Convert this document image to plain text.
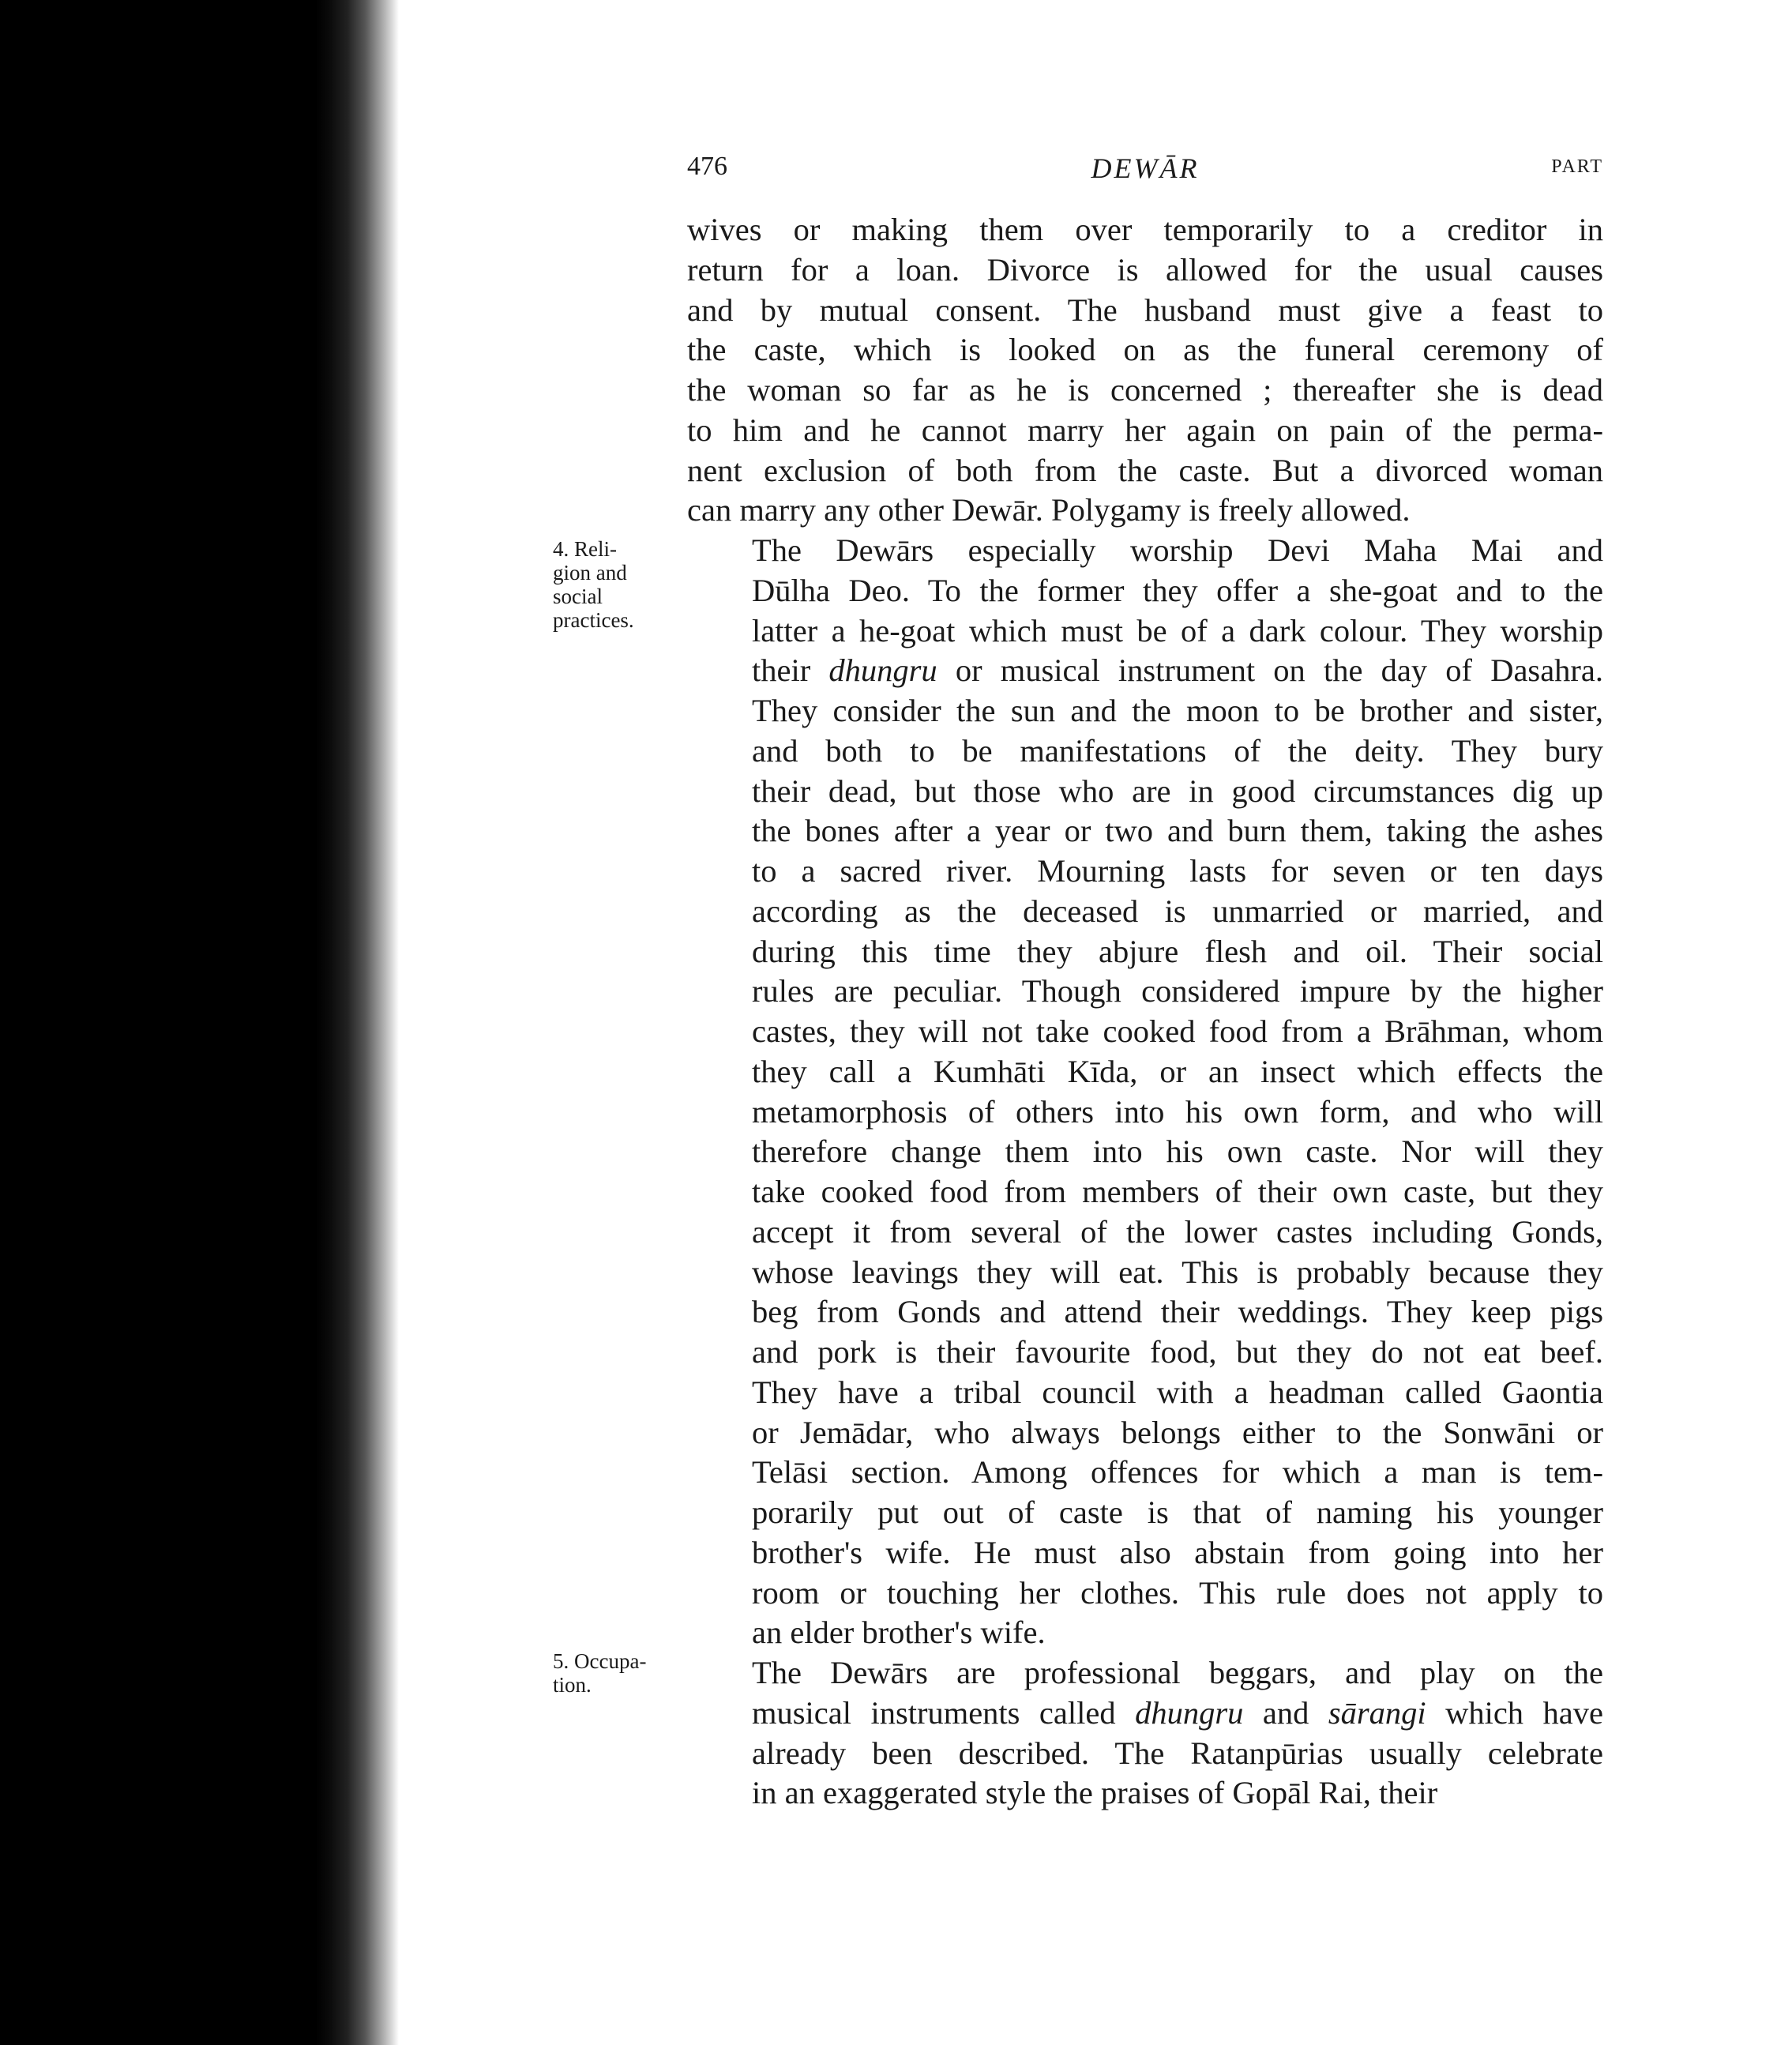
476	DEWĀR	PART
4. Reli-
gion and
social
practices.
5. Occupa-
tion.

wives or making them over temporarily to a creditor in
return for a loan. Divorce is allowed for the usual causes
and by mutual consent. The husband must give a feast to
the caste, which is looked on as the funeral ceremony of
the woman so far as he is concerned ; thereafter she is dead
to him and he cannot marry her again on pain of the perma-
nent exclusion of both from the caste. But a divorced woman
can marry any other Dewār. Polygamy is freely allowed.

The Dewārs especially worship Devi Maha Mai and
Dūlha Deo. To the former they offer a she-goat and to the
latter a he-goat which must be of a dark colour. They worship
their dhungru or musical instrument on the day of Dasahra.
They consider the sun and the moon to be brother and sister,
and both to be manifestations of the deity. They bury
their dead, but those who are in good circumstances dig up
the bones after a year or two and burn them, taking the ashes
to a sacred river. Mourning lasts for seven or ten days
according as the deceased is unmarried or married, and
during this time they abjure flesh and oil. Their social
rules are peculiar. Though considered impure by the higher
castes, they will not take cooked food from a Brāhman, whom
they call a Kumhāti Kīda, or an insect which effects the
metamorphosis of others into his own form, and who will
therefore change them into his own caste. Nor will they
take cooked food from members of their own caste, but they
accept it from several of the lower castes including Gonds,
whose leavings they will eat. This is probably because they
beg from Gonds and attend their weddings. They keep pigs
and pork is their favourite food, but they do not eat beef.
They have a tribal council with a headman called Gaontia
or Jemādar, who always belongs either to the Sonwāni or
Telāsi section. Among offences for which a man is tem-
porarily put out of caste is that of naming his younger
brother's wife. He must also abstain from going into her
room or touching her clothes. This rule does not apply to
an elder brother's wife.

The Dewārs are professional beggars, and play on the
musical instruments called dhungru and sārangi which have
already been described. The Ratanpūrias usually celebrate
in an exaggerated style the praises of Gopāl Rai, their
